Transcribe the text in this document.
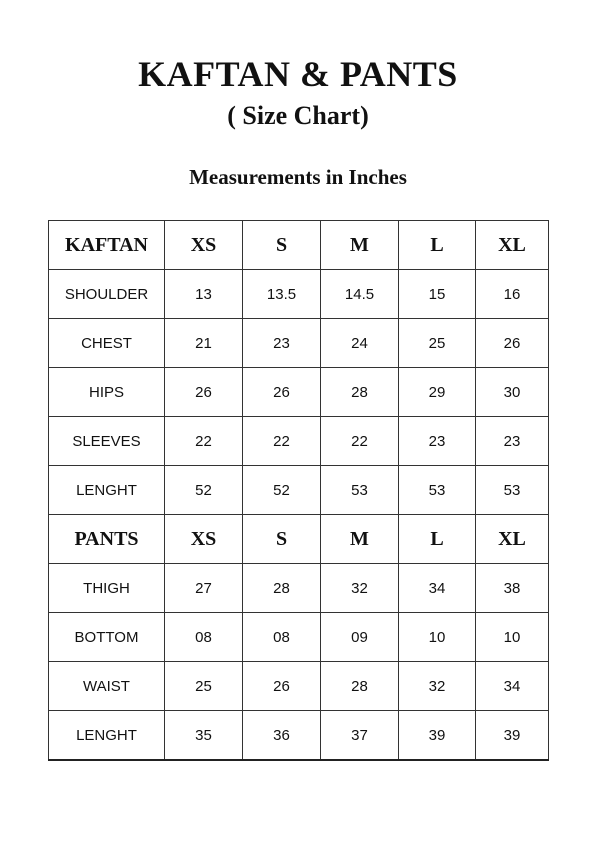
KAFTAN & PANTS
( Size Chart)
Measurements in Inches
KAFTAN	XS	S	M	L	XL
SHOULDER	13	13.5	14.5	15	16
CHEST	21	23	24	25	26
HIPS	26	26	28	29	30
SLEEVES	22	22	22	23	23
LENGHT	52	52	53	53	53
PANTS	XS	S	M	L	XL
THIGH	27	28	32	34	38
BOTTOM	08	08	09	10	10
WAIST	25	26	28	32	34
LENGHT	35	36	37	39	39
